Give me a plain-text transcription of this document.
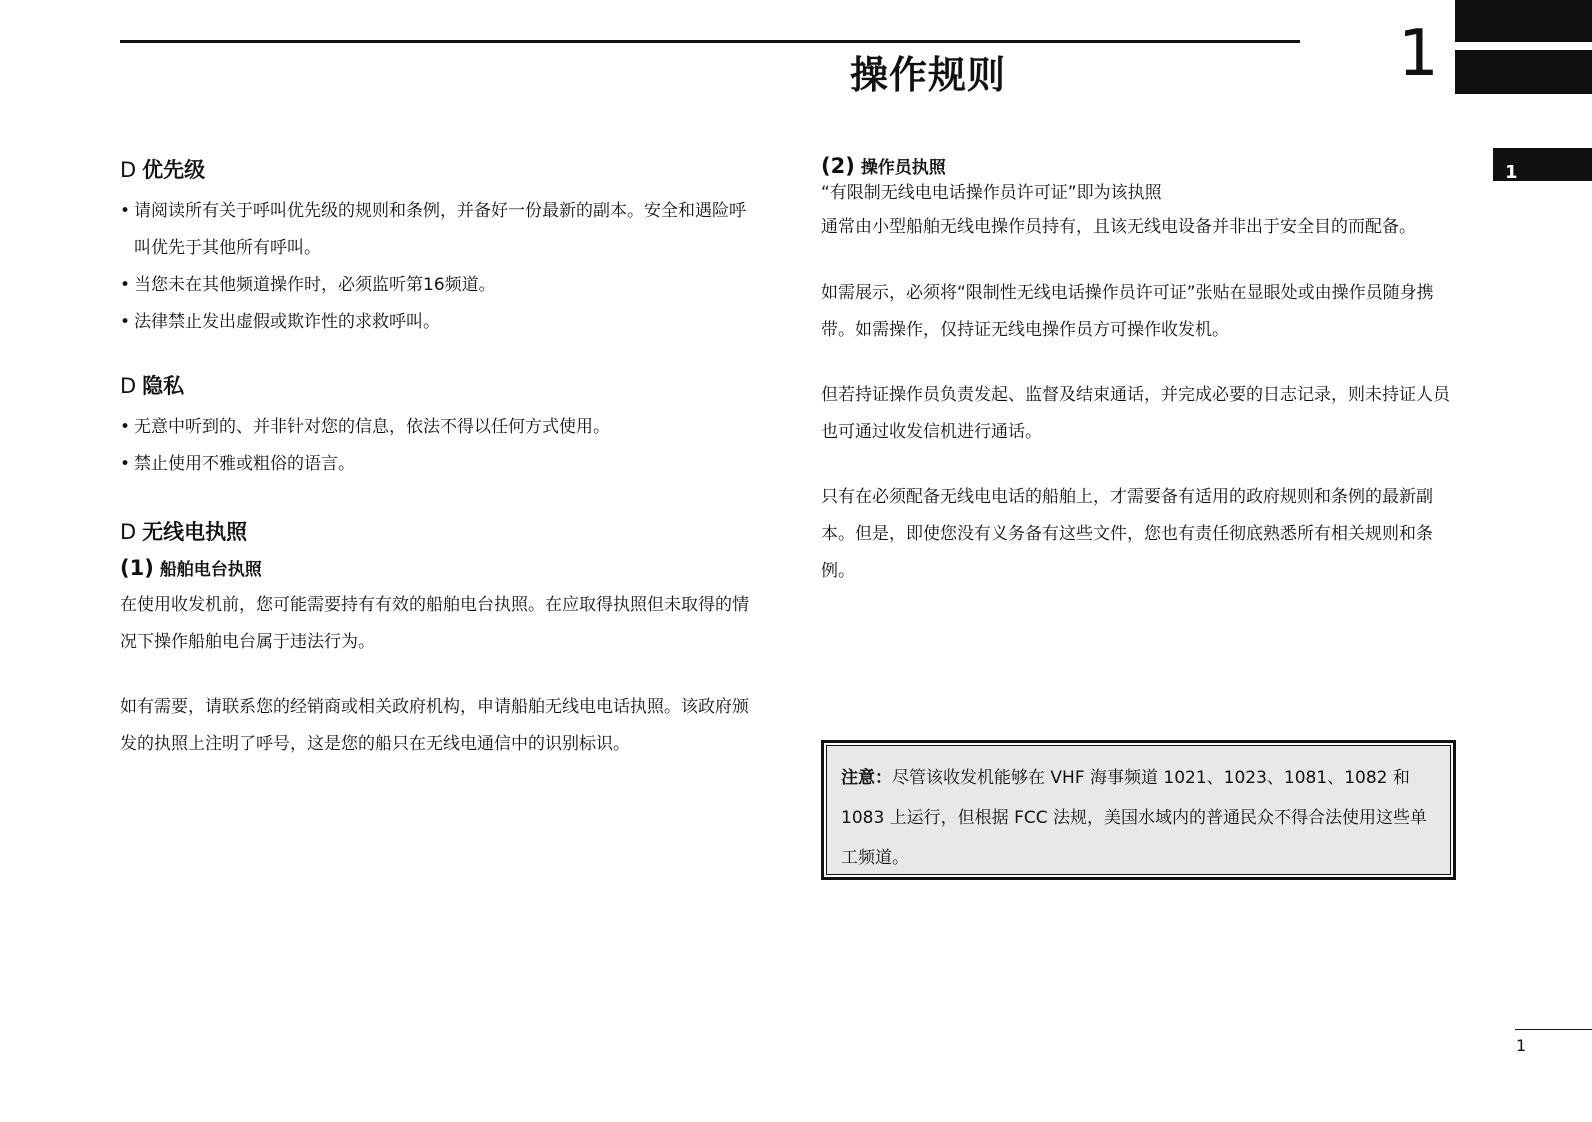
操作规则	1
1
D 优先级
• 请阅读所有关于呼叫优先级的规则和条例，并备好一份最新的副本。安全和遇险呼叫优先于其他所有呼叫。
• 当您未在其他频道操作时，必须监听第16频道。
• 法律禁止发出虚假或欺诈性的求救呼叫。
D 隐私
• 无意中听到的、并非针对您的信息，依法不得以任何方式使用。
• 禁止使用不雅或粗俗的语言。
D 无线电执照
(1) 船舶电台执照
在使用收发机前，您可能需要持有有效的船舶电台执照。在应取得执照但未取得的情况下操作船舶电台属于违法行为。
如有需要，请联系您的经销商或相关政府机构，申请船舶无线电电话执照。该政府颁发的执照上注明了呼号，这是您的船只在无线电通信中的识别标识。
(2) 操作员执照
“有限制无线电电话操作员许可证”即为该执照
通常由小型船舶无线电操作员持有，且该无线电设备并非出于安全目的而配备。
如需展示，必须将“限制性无线电话操作员许可证”张贴在显眼处或由操作员随身携带。如需操作，仅持证无线电操作员方可操作收发机。
但若持证操作员负责发起、监督及结束通话，并完成必要的日志记录，则未持证人员也可通过收发信机进行通话。
只有在必须配备无线电电话的船舶上，才需要备有适用的政府规则和条例的最新副本。但是，即使您没有义务备有这些文件，您也有责任彻底熟悉所有相关规则和条例。
注意：尽管该收发机能够在 VHF 海事频道 1021、1023、1081、1082 和 1083 上运行，但根据 FCC 法规，美国水域内的普通民众不得合法使用这些单工频道。
1
